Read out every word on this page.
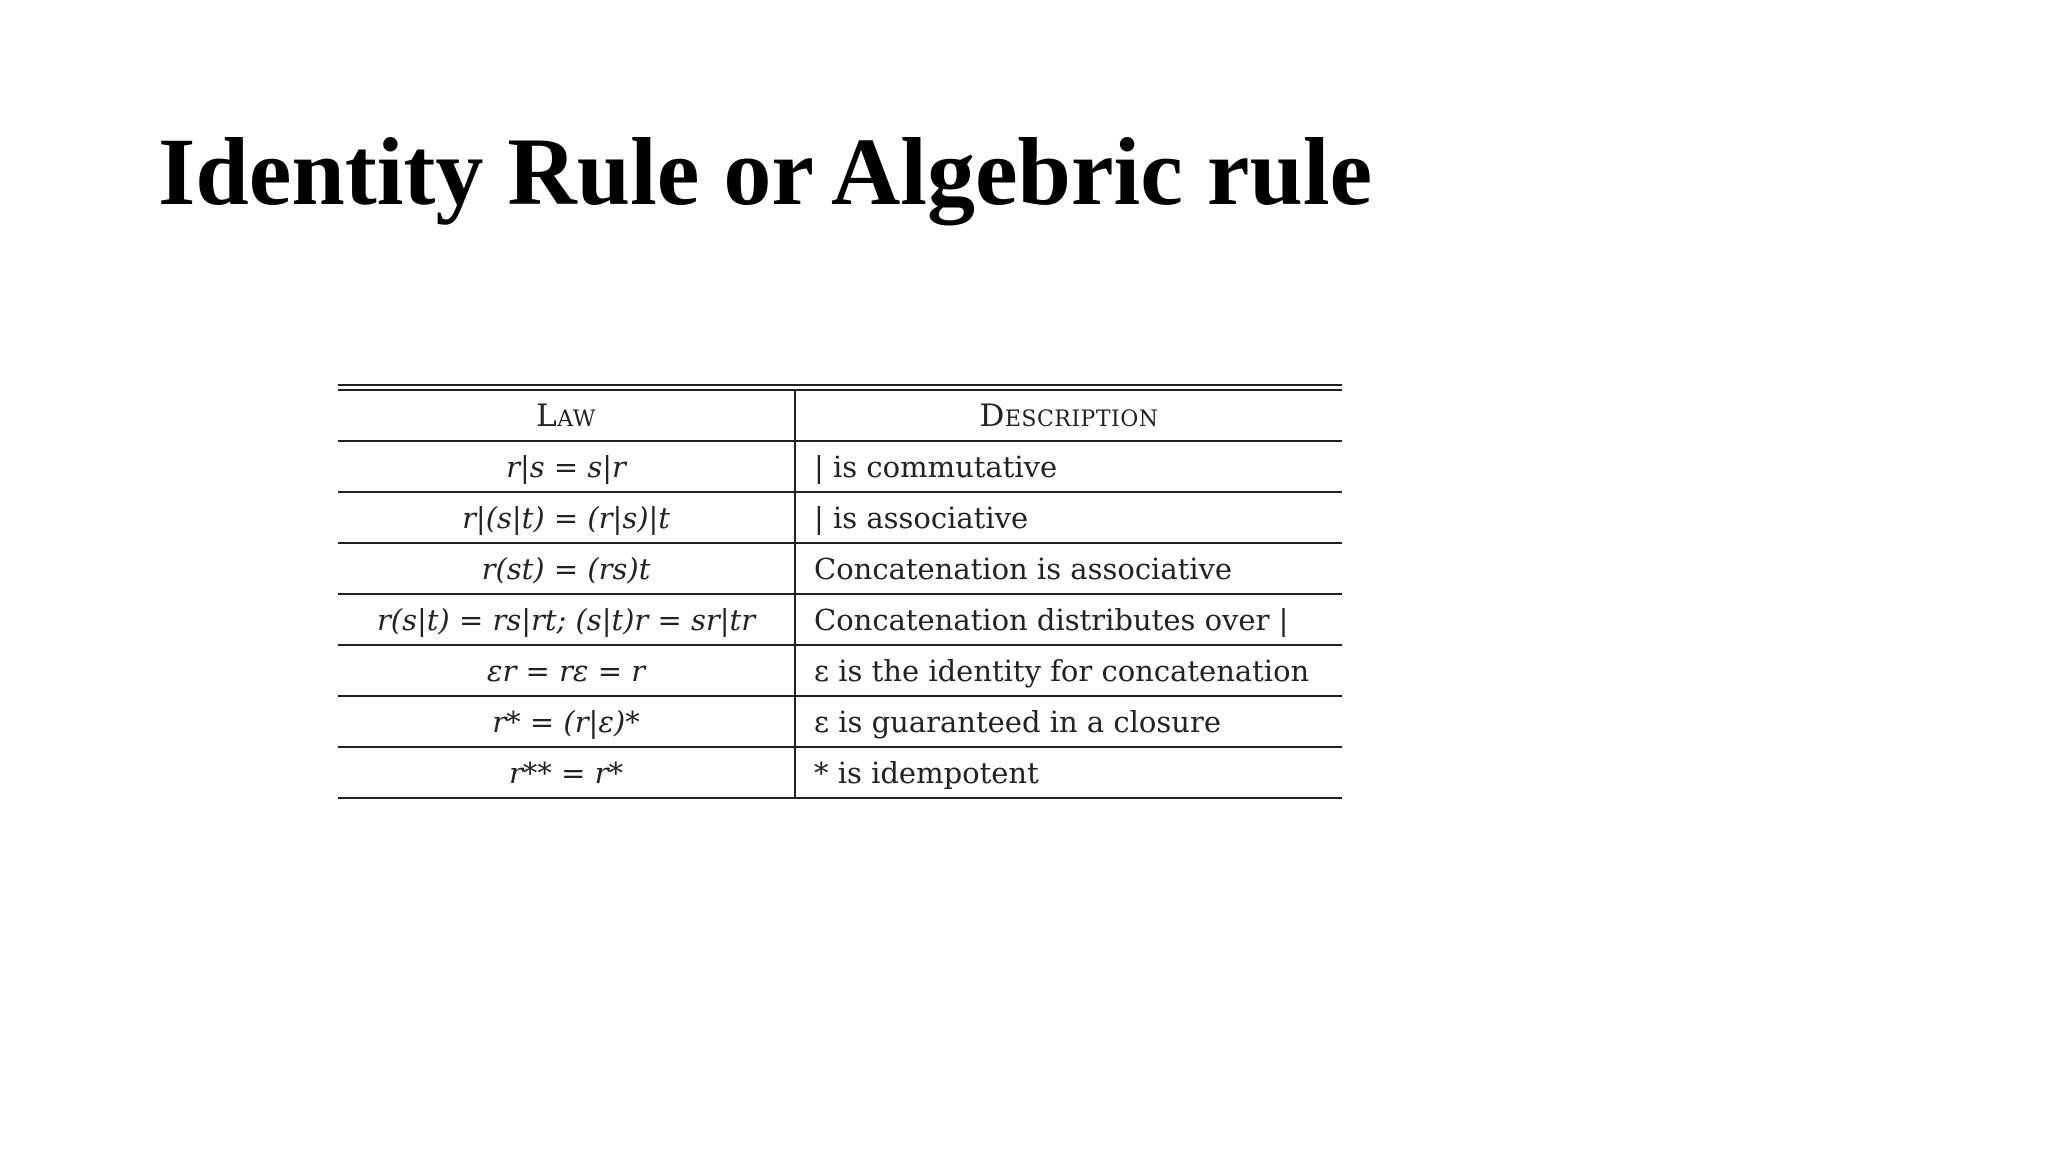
Identity Rule or Algebric rule
Law	Description
r|s = s|r	| is commutative
r|(s|t) = (r|s)|t	| is associative
r(st) = (rs)t	Concatenation is associative
r(s|t) = rs|rt; (s|t)r = sr|tr	Concatenation distributes over |
εr = rε = r	ε is the identity for concatenation
r* = (r|ε)*	ε is guaranteed in a closure
r** = r*	* is idempotent
